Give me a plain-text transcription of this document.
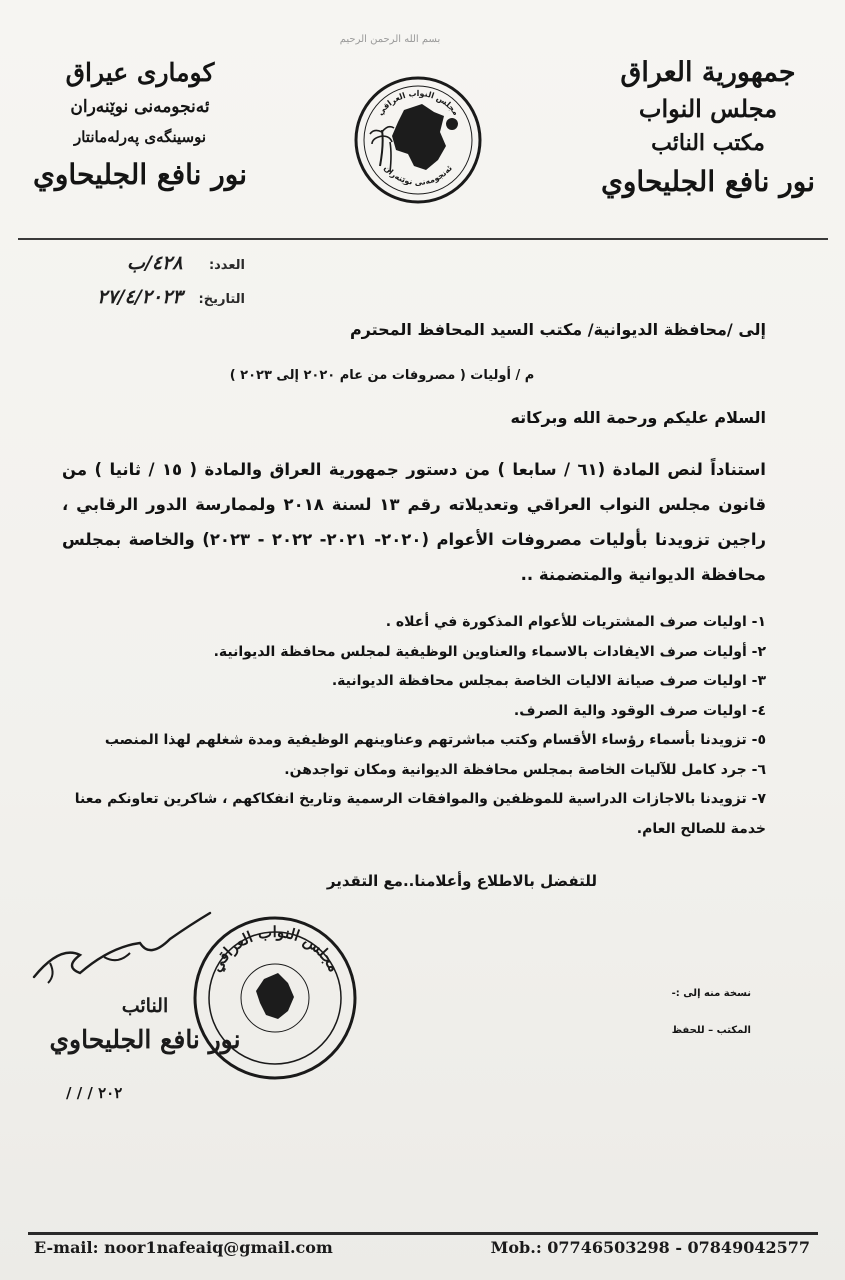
بسم الله الرحمن الرحيم
جمهورية العراق
مجلس النواب
مكتب النائب
نور نافع الجليحاوي
كوماری عیراق
ئەنجومەنی نوێنەران
نوسینگەی پەرلەمانتار
نور نافع الجليحاوي
مجلس النواب العراقي
ئەنجومەنی نوێنەران
العدد: ٤٢٨/ب
التاريخ: ٢٧/٤/٢٠٢٣
إلى /محافظة الديوانية/ مكتب السيد المحافظ المحترم
م / أوليات ( مصروفات من عام ٢٠٢٠ إلى ٢٠٢٣ )
السلام عليكم ورحمة الله وبركاته
استناداً لنص المادة (٦١ / سابعا ) من دستور جمهورية العراق والمادة ( ١٥ / ثانيا ) من قانون مجلس النواب العراقي وتعديلاته رقم ١٣ لسنة ٢٠١٨ ولممارسة الدور الرقابي ، راجين تزويدنا بأوليات مصروفات الأعوام (٢٠٢٠- ٢٠٢١- ٢٠٢٢ - ٢٠٢٣) والخاصة بمجلس محافظة الديوانية والمتضمنة ..
١- اوليات صرف المشتريات للأعوام المذكورة في أعلاه .
٢- أوليات صرف الايفادات بالاسماء والعناوين الوظيفية لمجلس محافظة الديوانية.
٣- اوليات صرف صيانة الاليات الخاصة بمجلس محافظة الديوانية.
٤- اوليات صرف الوقود والية الصرف.
٥- تزويدنا بأسماء رؤساء الأقسام وكتب مباشرتهم وعناوينهم الوظيفية ومدة شغلهم لهذا المنصب
٦- جرد كامل للآليات الخاصة بمجلس محافظة الديوانية ومكان تواجدهن.
٧- تزويدنا بالاجازات الدراسية للموظفين والموافقات الرسمية وتاريخ انفكاكهم ، شاكرين تعاونكم معنا خدمة للصالح العام.
للتفضل بالاطلاع وأعلامنا..مع التقدير
مجلس النواب العراقي
النائب
نور نافع الجليحاوي
٢٠٢ / / /
نسخة منه إلى :-
المكتب – للحفظ
E-mail: noor1nafeaiq@gmail.com	Mob.: 07746503298 - 07849042577
